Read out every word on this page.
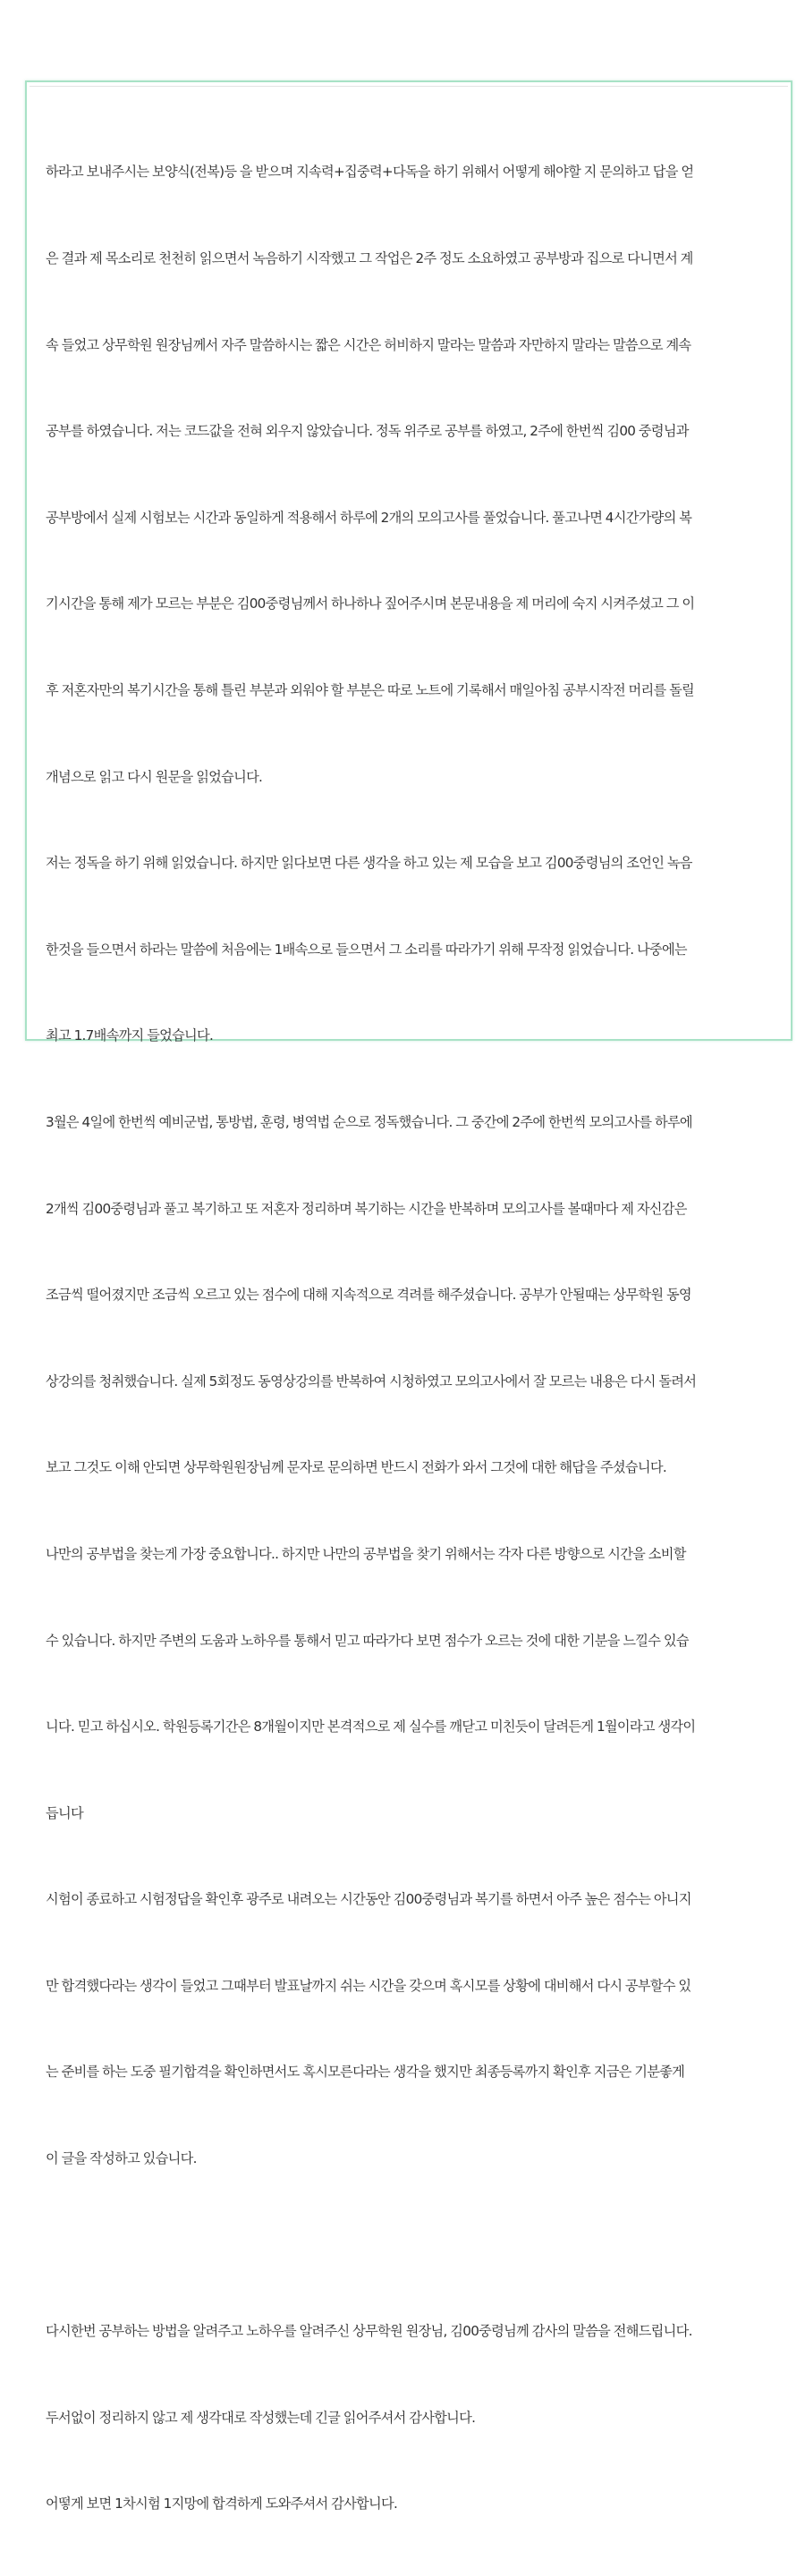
하라고 보내주시는 보양식(전복)등 을 받으며 지속력+집중력+다독을 하기 위해서 어떻게 해야할 지 문의하고 답을 얻

은 결과 제 목소리로 천천히 읽으면서 녹음하기 시작했고 그 작업은 2주 정도 소요하였고 공부방과 집으로 다니면서 계

속 들었고 상무학원 원장님께서 자주 말씀하시는 짧은 시간은 허비하지 말라는 말씀과 자만하지 말라는 말씀으로 계속

공부를 하였습니다. 저는 코드값을 전혀 외우지 않았습니다. 정독 위주로 공부를 하였고, 2주에 한번씩 김00 중령님과

공부방에서 실제 시험보는 시간과 동일하게 적용해서 하루에 2개의 모의고사를 풀었습니다. 풀고나면 4시간가량의 복

기시간을 통해 제가 모르는 부분은 김00중령님께서 하나하나 짚어주시며 본문내용을 제 머리에 숙지 시켜주셨고 그 이

후 저혼자만의 복기시간을 통해 틀린 부분과 외워야 할 부분은 따로 노트에 기록해서 매일아침 공부시작전 머리를 돌릴

개념으로 읽고 다시 원문을 읽었습니다.

저는 정독을 하기 위해 읽었습니다. 하지만 읽다보면 다른 생각을 하고 있는 제 모습을 보고 김00중령님의 조언인 녹음

한것을 들으면서 하라는 말씀에 처음에는 1배속으로 들으면서 그 소리를 따라가기 위해 무작정 읽었습니다. 나중에는

최고 1.7배속까지 들었습니다.

3월은 4일에 한번씩 예비군법, 통방법, 훈령, 병역법 순으로 정독했습니다. 그 중간에 2주에 한번씩 모의고사를 하루에

2개씩 김00중령님과 풀고 복기하고 또 저혼자 정리하며 복기하는 시간을 반복하며 모의고사를 볼때마다 제 자신감은

조금씩 떨어졌지만 조금씩 오르고 있는 점수에 대해 지속적으로 격려를 해주셨습니다. 공부가 안될때는 상무학원 동영

상강의를 청취했습니다. 실제 5회정도 동영상강의를 반복하여 시청하였고 모의고사에서 잘 모르는 내용은 다시 돌려서

보고 그것도 이해 안되면 상무학원원장님께 문자로 문의하면 반드시 전화가 와서 그것에 대한 해답을 주셨습니다.

나만의 공부법을 찾는게 가장 중요합니다.. 하지만 나만의 공부법을 찾기 위해서는 각자 다른 방향으로 시간을 소비할

수 있습니다. 하지만 주변의 도움과 노하우를 통해서 믿고 따라가다 보면 점수가 오르는 것에 대한 기분을 느낄수 있습

니다. 믿고 하십시오. 학원등록기간은 8개월이지만 본격적으로 제 실수를 깨닫고 미친듯이 달려든게 1월이라고 생각이

듭니다

시험이 종료하고 시험정답을 확인후 광주로 내려오는 시간동안 김00중령님과 복기를 하면서 아주 높은 점수는 아니지

만 합격했다라는 생각이 들었고 그때부터 발표날까지 쉬는 시간을 갖으며 혹시모를 상황에 대비해서 다시 공부할수 있

는 준비를 하는 도중 필기합격을 확인하면서도 혹시모른다라는 생각을 했지만 최종등록까지 확인후 지금은 기분좋게

이 글을 작성하고 있습니다.

다시한번 공부하는 방법을 알려주고 노하우를 알려주신 상무학원 원장님, 김00중령님께 감사의 말씀을 전해드립니다.

두서없이 정리하지 않고 제 생각대로 작성했는데 긴글 읽어주셔서 감사합니다.

어떻게 보면 1차시험 1지망에 합격하게 도와주셔서 감사합니다.
